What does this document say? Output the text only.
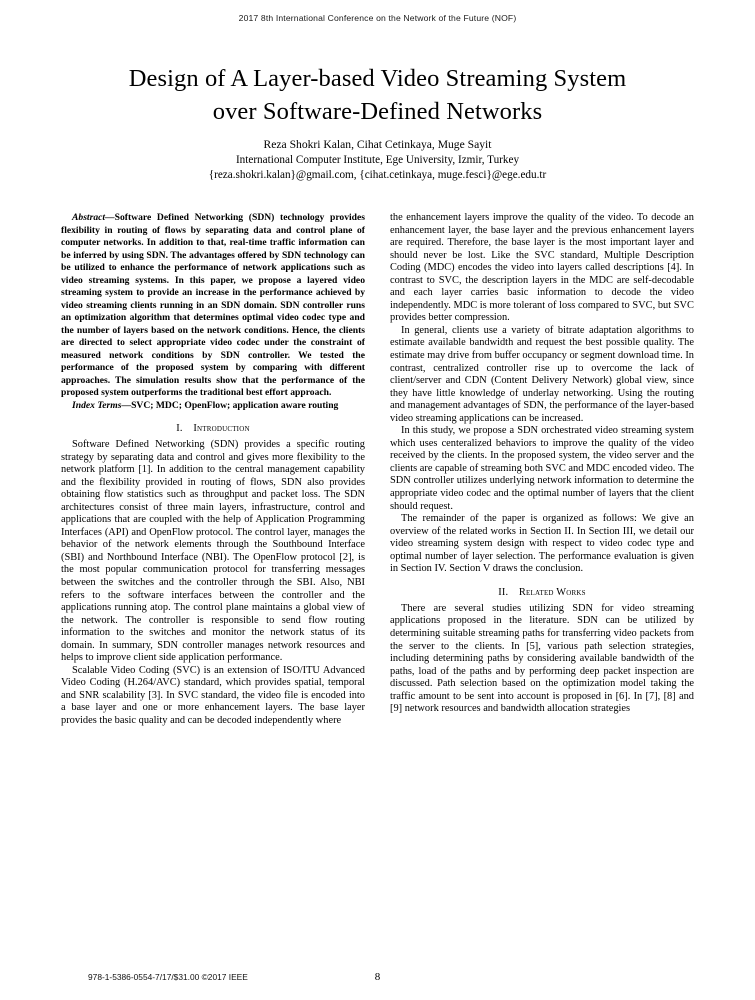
2017 8th International Conference on the Network of the Future (NOF)
Design of A Layer-based Video Streaming System
over Software-Defined Networks
Reza Shokri Kalan, Cihat Cetinkaya, Muge Sayit
International Computer Institute, Ege University, Izmir, Turkey
{reza.shokri.kalan}@gmail.com, {cihat.cetinkaya, muge.fesci}@ege.edu.tr

Abstract—Software Defined Networking (SDN) technology provides flexibility in routing of flows by separating data and control plane of computer networks. In addition to that, real-time traffic information can be inferred by using SDN. The advantages offered by SDN technology can be utilized to enhance the performance of network applications such as video streaming systems. In this paper, we propose a layered video streaming system to provide an increase in the performance achieved by video streaming clients running in an SDN domain. SDN controller runs an optimization algorithm that determines optimal video codec type and the number of layers based on the network conditions. Hence, the clients are directed to select appropriate video codec under the constraint of measured network conditions by SDN controller. We tested the performance of the proposed system by comparing with different approaches. The simulation results show that the performance of the proposed system outperforms the traditional best effort approach.

Index Terms—SVC; MDC; OpenFlow; application aware routing

I. Introduction

Software Defined Networking (SDN) provides a specific routing strategy by separating data and control and gives more flexibility to the network platform [1]. In addition to the central management capability and the flexibility provided in routing of flows, SDN also provides obtaining flow statistics such as throughput and packet loss. The SDN architectures consist of three main layers, infrastructure, control and applications that are coupled with the help of Application Programming Interfaces (API) and OpenFlow protocol. The control layer, manages the behavior of the network elements through the Southbound Interface (SBI) and Northbound Interface (NBI). The OpenFlow protocol [2], is the most popular communication protocol for transferring messages between the switches and the controller through the SBI. Also, NBI refers to the software interfaces between the controller and the applications running atop. The control plane maintains a global view of the network. The controller is responsible to send flow routing information to the switches and monitor the network status of its domain. In summary, SDN controller manages network resources and helps to improve client side application performance.

Scalable Video Coding (SVC) is an extension of ISO/ITU Advanced Video Coding (H.264/AVC) standard, which provides spatial, temporal and SNR scalability [3]. In SVC standard, the video file is encoded into a base layer and one or more enhancement layers. The base layer provides the basic quality and can be decoded independently where

the enhancement layers improve the quality of the video. To decode an enhancement layer, the base layer and the previous enhancement layers are required. Therefore, the base layer is the most important layer and should never be lost. Like the SVC standard, Multiple Description Coding (MDC) encodes the video into layers called descriptions [4]. In contrast to SVC, the description layers in the MDC are self-decodable and each layer carries basic information to decode the video independently. MDC is more tolerant of loss compared to SVC, but SVC provides better compression.

In general, clients use a variety of bitrate adaptation algorithms to estimate available bandwidth and request the best possible quality. The estimate may drive from buffer occupancy or segment download time. In contrast, centralized controller rise up to overcome the lack of client/server and CDN (Content Delivery Network) global view, since they have little knowledge of underlay networking. Using the routing and management advantages of SDN, the performance of the layer-based video streaming applications can be increased.

In this study, we propose a SDN orchestrated video streaming system which uses centeralized behaviors to improve the quality of the video received by the clients. In the proposed system, the video server and the clients are capable of streaming both SVC and MDC encoded video. The SDN controller utilizes underlying network information to determine the appropriate video codec and the optimal number of layers that the client should request.

The remainder of the paper is organized as follows: We give an overview of the related works in Section II. In Section III, we detail our video streaming system design with respect to video codec type and optimal number of layer selection. The performance evaluation is given in Section IV. Section V draws the conclusion.

II. Related Works

There are several studies utilizing SDN for video streaming applications proposed in the literature. SDN can be utilized by determining suitable streaming paths for transferring video packets from the server to the clients. In [5], various path selection strategies, including determining paths by considering available bandwidth of the paths, load of the paths and by performing deep packet inspection are discussed. Path selection based on the optimization model taking the traffic amount to be sent into account is proposed in [6]. In [7], [8] and [9] network resources and bandwidth allocation strategies

978-1-5386-0554-7/17/$31.00 ©2017 IEEE	8
